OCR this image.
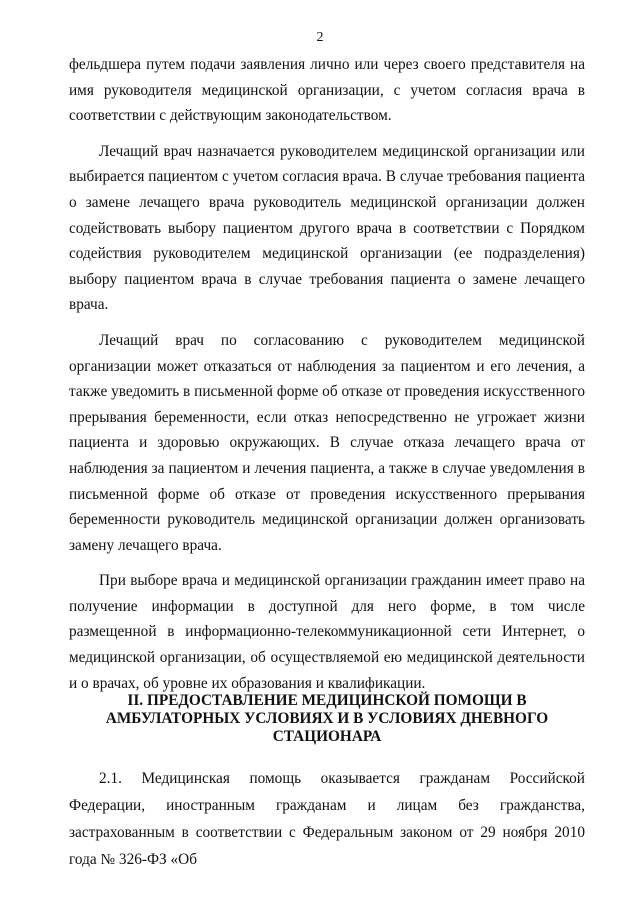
2

фельдшера путем подачи заявления лично или через своего представителя на имя руководителя медицинской организации, с учетом согласия врача в соответствии с действующим законодательством.

Лечащий врач назначается руководителем медицинской организации или выбирается пациентом с учетом согласия врача. В случае требования пациента о замене лечащего врача руководитель медицинской организации должен содействовать выбору пациентом другого врача в соответствии с Порядком содействия руководителем медицинской организации (ее подразделения) выбору пациентом врача в случае требования пациента о замене лечащего врача.

Лечащий врач по согласованию с руководителем медицинской организации может отказаться от наблюдения за пациентом и его лечения, а также уведомить в письменной форме об отказе от проведения искусственного прерывания беременности, если отказ непосредственно не угрожает жизни пациента и здоровью окружающих. В случае отказа лечащего врача от наблюдения за пациентом и лечения пациента, а также в случае уведомления в письменной форме об отказе от проведения искусственного прерывания беременности руководитель медицинской организации должен организовать замену лечащего врача.

При выборе врача и медицинской организации гражданин имеет право на получение информации в доступной для него форме, в том числе размещенной в информационно-телекоммуникационной сети Интернет, о медицинской организации, об осуществляемой ею медицинской деятельности и о врачах, об уровне их образования и квалификации.

II. ПРЕДОСТАВЛЕНИЕ МЕДИЦИНСКОЙ ПОМОЩИ В АМБУЛАТОРНЫХ УСЛОВИЯХ И В УСЛОВИЯХ ДНЕВНОГО СТАЦИОНАРА

2.1. Медицинская помощь оказывается гражданам Российской Федерации, иностранным гражданам и лицам без гражданства, застрахованным в соответствии с Федеральным законом от 29 ноября 2010 года № 326-ФЗ «Об
